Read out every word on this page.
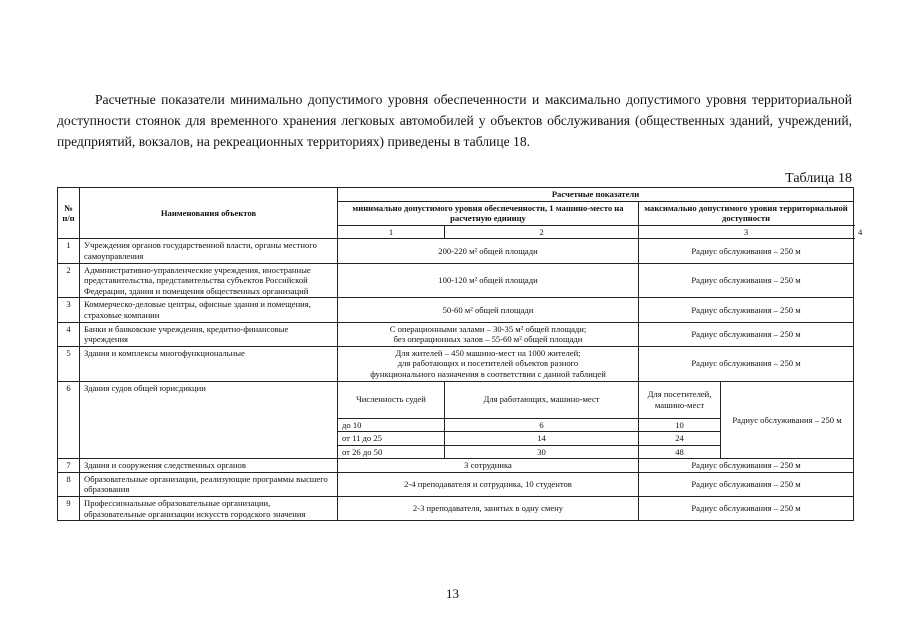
Расчетные показатели минимально допустимого уровня обеспеченности и максимально допустимого уровня территориальной доступности стоянок для временного хранения легковых автомобилей у объектов обслуживания (общественных зданий, учреждений, предприятий, вокзалов, на рекреационных территориях) приведены в таблице 18.

Таблица 18
№ п/п	Наименования объектов	Расчетные показатели				
		минимально допустимого уровня обеспеченности, 1 машино-место на расчетную единицу		максимально допустимого уровня территориальной доступности		
		1	2	3		4
1	Учреждения органов государственной власти, органы местного самоуправления	200-220 м² общей площади		Радиус обслуживания – 250 м		
2	Административно-управленческие учреждения, иностранные представительства, представительства субъектов Российской Федерации, здания и помещения общественных организаций	100-120 м² общей площади		Радиус обслуживания – 250 м		
3	Коммерческо-деловые центры, офисные здания и помещения, страховые компании	50-60 м² общей площади		Радиус обслуживания – 250 м		
4	Банки и банковские учреждения, кредитно-финансовые учреждения	С операционными залами – 30-35 м² общей площади;
без операционных залов – 55-60 м² общей площади		Радиус обслуживания – 250 м		
5	Здания и комплексы многофункциональные	Для жителей – 450 машино-мест на 1000 жителей;
для работающих и посетителей объектов разного функционального назначения в соответствии с данной таблицей		Радиус обслуживания – 250 м		
6	Здания судов общей юрисдикции	Численность судей	Для работающих, машино-мест	Для посетителей, машино-мест	Радиус обслуживания – 250 м	
		до 10	6	10		
		от 11 до 25	14	24		
		от 26 до 50	30	48		
7	Здания и сооружения следственных органов	3 сотрудника		Радиус обслуживания – 250 м		
8	Образовательные организации, реализующие программы высшего образования	2-4 преподавателя и сотрудника, 10 студентов		Радиус обслуживания – 250 м		
9	Профессиональные образовательные организации, образовательные организации искусств городского значения	2-3 преподавателя, занятых в одну смену		Радиус обслуживания – 250 м		
13
